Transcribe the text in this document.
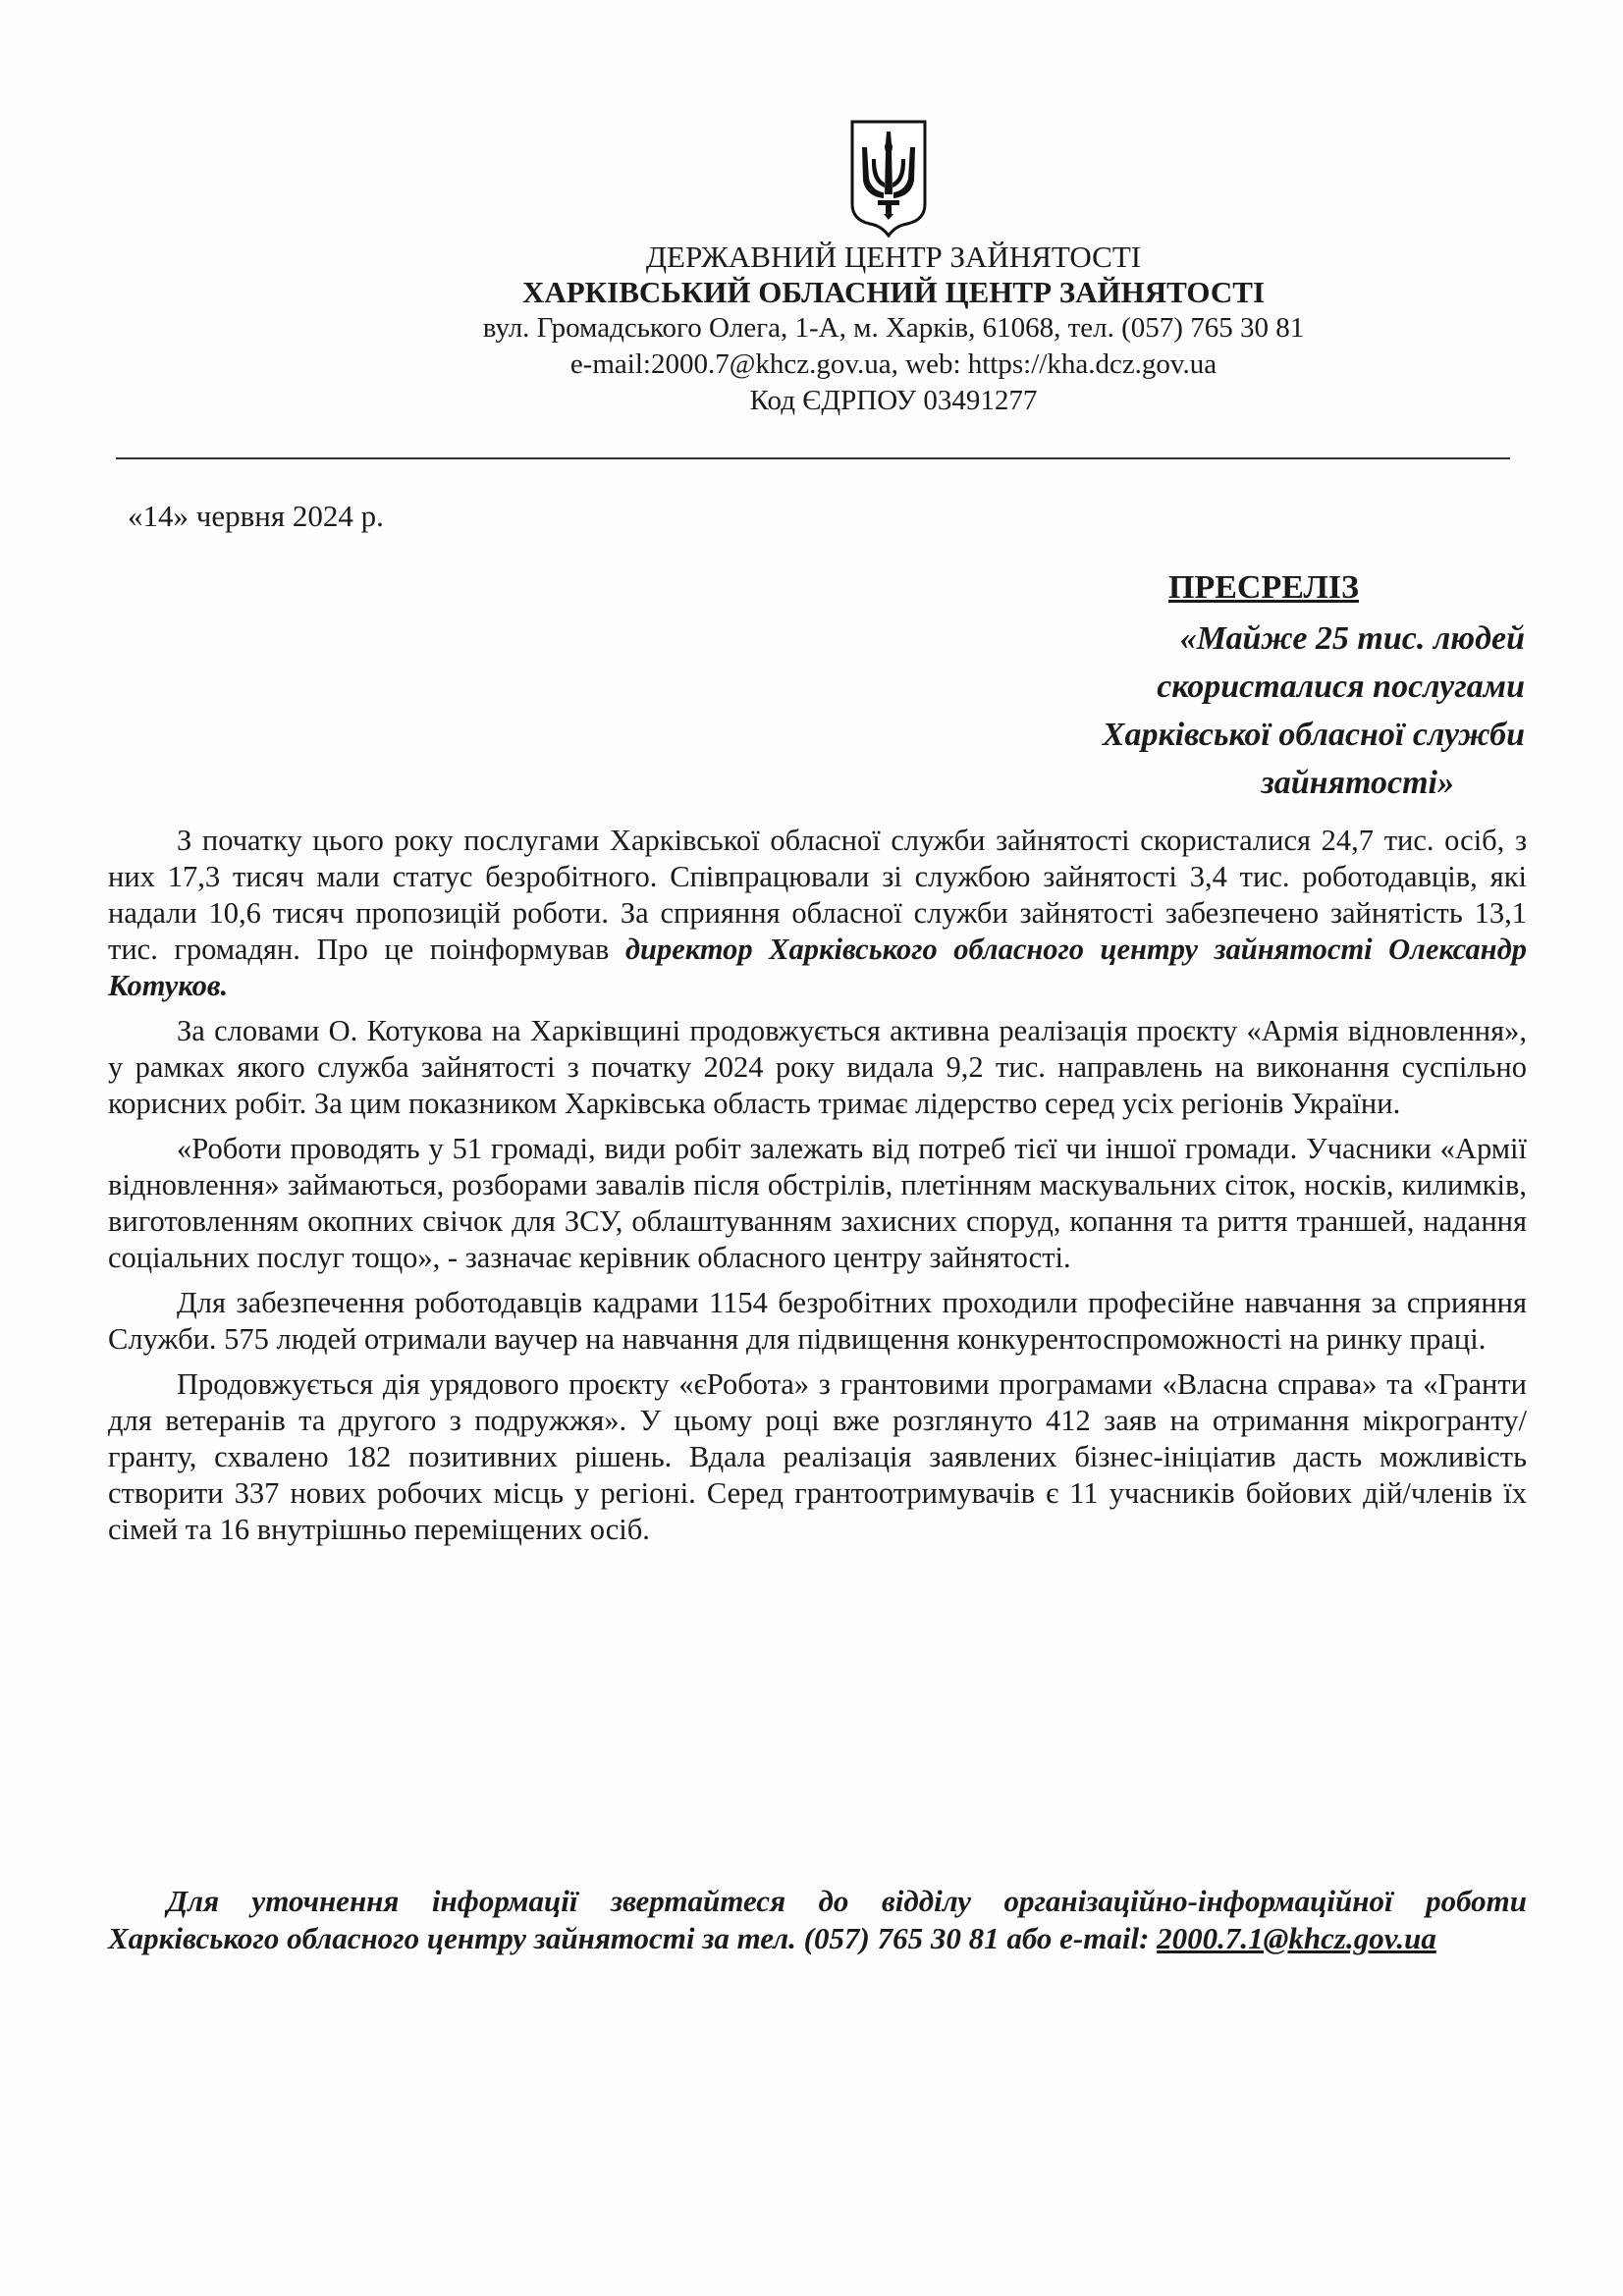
ДЕРЖАВНИЙ ЦЕНТР ЗАЙНЯТОСТІ
ХАРКІВСЬКИЙ ОБЛАСНИЙ ЦЕНТР ЗАЙНЯТОСТІ
вул. Громадського Олега, 1-А, м. Харків, 61068, тел. (057) 765 30 81
e-mail:2000.7@khcz.gov.ua, web: https://kha.dcz.gov.ua
Код ЄДРПОУ 03491277
«14» червня 2024 р.
ПРЕСРЕЛІЗ
«Майже 25 тис. людей
скористалися послугами
Харківської обласної служби
зайнятості»

З початку цього року послугами Харківської обласної служби зайнятості скористалися 24,7 тис. осіб, з них 17,3 тисяч мали статус безробітного. Співпрацювали зі службою зайнятості 3,4 тис. роботодавців, які надали 10,6 тисяч пропозицій роботи. За сприяння обласної служби зайнятості забезпечено зайнятість 13,1 тис. громадян. Про це поінформував директор Харківського обласного центру зайнятості Олександр Котуков.

За словами О. Котукова на Харківщині продовжується активна реалізація проєкту «Армія відновлення», у рамках якого служба зайнятості з початку 2024 року видала 9,2 тис. направлень на виконання суспільно корисних робіт. За цим показником Харківська область тримає лідерство серед усіх регіонів України.

«Роботи проводять у 51 громаді, види робіт залежать від потреб тієї чи іншої громади. Учасники «Армії відновлення» займаються, розборами завалів після обстрілів, плетінням маскувальних сіток, носків, килимків, виготовленням окопних свічок для ЗСУ, облаштуванням захисних споруд, копання та риття траншей, надання соціальних послуг тощо», - зазначає керівник обласного центру зайнятості.

Для забезпечення роботодавців кадрами 1154 безробітних проходили професійне навчання за сприяння Служби. 575 людей отримали ваучер на навчання для підвищення конкурентоспроможності на ринку праці.

Продовжується дія урядового проєкту «єРобота» з грантовими програмами «Власна справа» та «Гранти для ветеранів та другого з подружжя». У цьому році вже розглянуто 412 заяв на отримання мікрогранту/гранту, схвалено 182 позитивних рішень. Вдала реалізація заявлених бізнес-ініціатив дасть можливість створити 337 нових робочих місць у регіоні. Серед грантоотримувачів є 11 учасників бойових дій/членів їх сімей та 16 внутрішньо переміщених осіб.

Для уточнення інформації звертайтеся до відділу організаційно-інформаційної роботи Харківського обласного центру зайнятості за тел. (057) 765 30 81 або e-mail: 2000.7.1@khcz.gov.ua
